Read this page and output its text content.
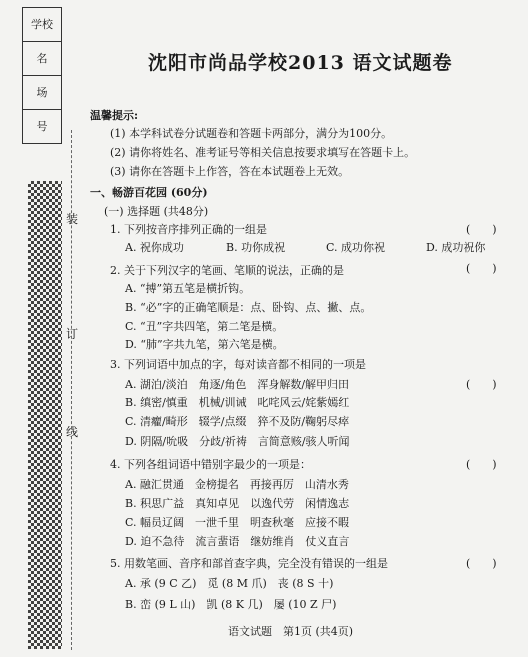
学校
名
场
号
装
订
线
沈阳市尚品学校2013 语文试题卷
温馨提示:
(1) 本学科试卷分试题卷和答题卡两部分，满分为100分。
(2) 请你将姓名、准考证号等相关信息按要求填写在答题卡上。
(3) 请你在答题卡上作答，答在本试题卷上无效。
一、畅游百花园 (60分)
(一) 选择题 (共48分)
1. 下列按音序排列正确的一组是	(　　)
A. 祝你成功	B. 功你成祝	C. 成功你祝	D. 成功祝你
2. 关于下列汉字的笔画、笔顺的说法，正确的是	(　　)
A. “搏”第五笔是横折钩。
B. “必”字的正确笔顺是：点、卧钩、点、撇、点。
C. “丑”字共四笔，第二笔是横。
D. “肺”字共九笔，第六笔是横。
3. 下列词语中加点的字，每对读音都不相同的一项是
(　　)
A. 湖泊/淡泊　角逐/角色　浑身解数/解甲归田
B. 缜密/慎重　机械/训诫　叱咤风云/姹紫嫣红
C. 清癯/畸形　辍学/点缀　猝不及防/鞠躬尽瘁
D. 阴隔/吮吸　分歧/祈祷　言简意赅/骇人听闻
4. 下列各组词语中错别字最少的一项是：	(　　)
A. 融汇贯通　金榜提名　再接再厉　山清水秀
B. 积思广益　真知卓见　以逸代劳　闲情逸志
C. 幅员辽阔　一泄千里　明查秋毫　应接不暇
D. 迫不急待　流言蜚语　继妨维肖　仗义直言
5. 用数笔画、音序和部首查字典，完全没有错误的一组是	(　　)
A. 承 (9 C 乙)　觅 (8 M 爪)　丧 (8 S 十)
B. 峦 (9 L 山)　凯 (8 K 几)　屡 (10 Z 尸)
语文试题　第1页 (共4页)
